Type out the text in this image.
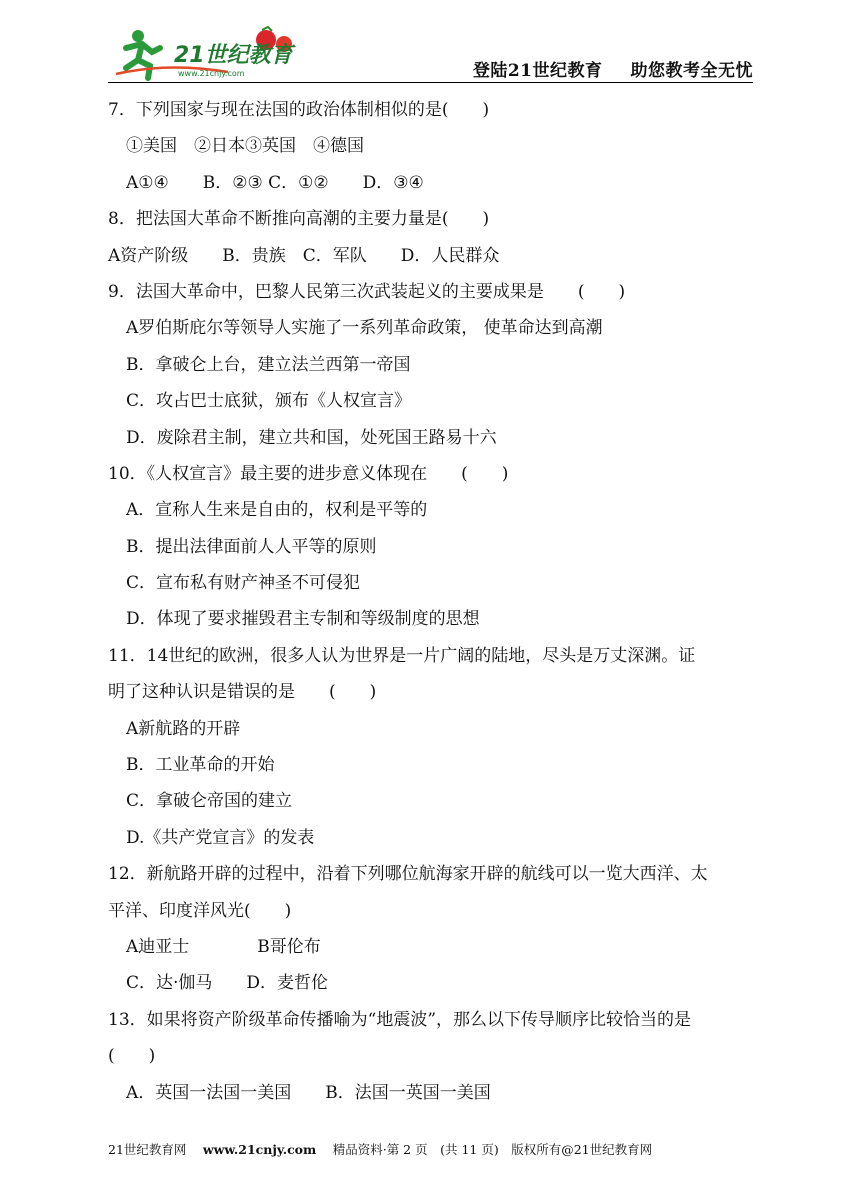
21世纪教育
www.21cnjy.com	登陆21世纪教育 助您教考全无忧
7．下列国家与现在法国的政治体制相似的是(　　)
①美国　②日本③英国　④德国
A①④　　B．②③ C．①②　　D．③④
8．把法国大革命不断推向高潮的主要力量是(　　)
A资产阶级　　B．贵族　C．军队　　D．人民群众
9．法国大革命中，巴黎人民第三次武装起义的主要成果是　　(　　)
A罗伯斯庇尔等领导人实施了一系列革命政策， 使革命达到高潮
B．拿破仑上台，建立法兰西第一帝国
C．攻占巴士底狱，颁布《人权宣言》
D．废除君主制，建立共和国，处死国王路易十六
10．《人权宣言》最主要的进步意义体现在　　(　　)
A．宣称人生来是自由的，权利是平等的
B．提出法律面前人人平等的原则
C．宣布私有财产神圣不可侵犯
D．体现了要求摧毁君主专制和等级制度的思想
11．14世纪的欧洲，很多人认为世界是一片广阔的陆地，尽头是万丈深渊。证
明了这种认识是错误的是　　(　　)
A新航路的开辟
B．工业革命的开始
C．拿破仑帝国的建立
D.《共产党宣言》的发表
12．新航路开辟的过程中，沿着下列哪位航海家开辟的航线可以一览大西洋、太
平洋、印度洋风光(　　)
A迪亚士　　　　B哥伦布
C．达·伽马　　D．麦哲伦
13．如果将资产阶级革命传播喻为“地震波”，那么以下传导顺序比较恰当的是
(　　)
A．英国一法国一美国　　B．法国一英国一美国
21世纪教育网　 www.21cnjy.com　 精品资料·第 2 页　(共 11 页)　版权所有@21世纪教育网
